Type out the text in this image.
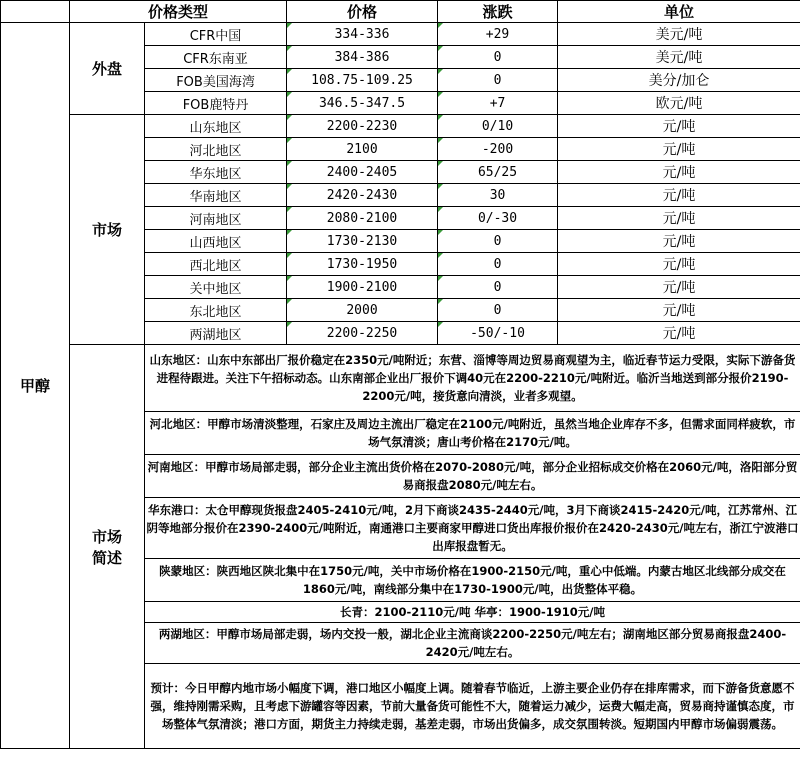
	价格类型		价格	涨跌	单位
甲醇	外盘	CFR中国	334-336	+29	美元/吨
		CFR东南亚	384-386	0	美元/吨
		FOB美国海湾	108.75-109.25	0	美分/加仑
		FOB鹿特丹	346.5-347.5	+7	欧元/吨
	市场	山东地区	2200-2230	0/10	元/吨
		河北地区	2100	-200	元/吨
		华东地区	2400-2405	65/25	元/吨
		华南地区	2420-2430	30	元/吨
		河南地区	2080-2100	0/-30	元/吨
		山西地区	1730-2130	0	元/吨
		西北地区	1730-1950	0	元/吨
		关中地区	1900-2100	0	元/吨
		东北地区	2000	0	元/吨
		两湖地区	2200-2250	-50/-10	元/吨

	市场
简述	山东地区：山东中东部出厂报价稳定在2350元/吨附近；东营、淄博等周边贸易商观望为主，临近春节运力受限，实际下游备货进程待跟进。关注下午招标动态。山东南部企业出厂报价下调40元在2200-2210元/吨附近。临沂当地送到部分报价2190-2200元/吨，接货意向清淡，业者多观望。			
		河北地区：甲醇市场清淡整理，石家庄及周边主流出厂稳定在2100元/吨附近，虽然当地企业库存不多，但需求面同样疲软，市场气氛清淡；唐山考价格在2170元/吨。			
		河南地区：甲醇市场局部走弱，部分企业主流出货价格在2070-2080元/吨，部分企业招标成交价格在2060元/吨，洛阳部分贸易商报盘2080元/吨左右。			
		华东港口：太仓甲醇现货报盘2405-2410元/吨，2月下商谈2435-2440元/吨，3月下商谈2415-2420元/吨，江苏常州、江阴等地部分报价在2390-2400元/吨附近，南通港口主要商家甲醇进口货出库报价报价在2420-2430元/吨左右，浙江宁波港口出库报盘暂无。			
		陕蒙地区：陕西地区陕北集中在1750元/吨，关中市场价格在1900-2150元/吨，重心中低端。内蒙古地区北线部分成交在1860元/吨，南线部分集中在1730-1900元/吨，出货整体平稳。			
		长青：2100-2110元/吨 华亭：1900-1910元/吨			
		两湖地区：甲醇市场局部走弱，场内交投一般，湖北企业主流商谈2200-2250元/吨左右；湖南地区部分贸易商报盘2400-2420元/吨左右。			
		预计：今日甲醇内地市场小幅度下调，港口地区小幅度上调。随着春节临近，上游主要企业仍存在排库需求，而下游备货意愿不强，维持刚需采购，且考虑下游罐容等因素，节前大量备货可能性不大，随着运力减少，运费大幅走高，贸易商持谨慎态度，市场整体气氛清淡；港口方面，期货主力持续走弱，基差走弱，市场出货偏多，成交氛围转淡。短期国内甲醇市场偏弱震荡。			
